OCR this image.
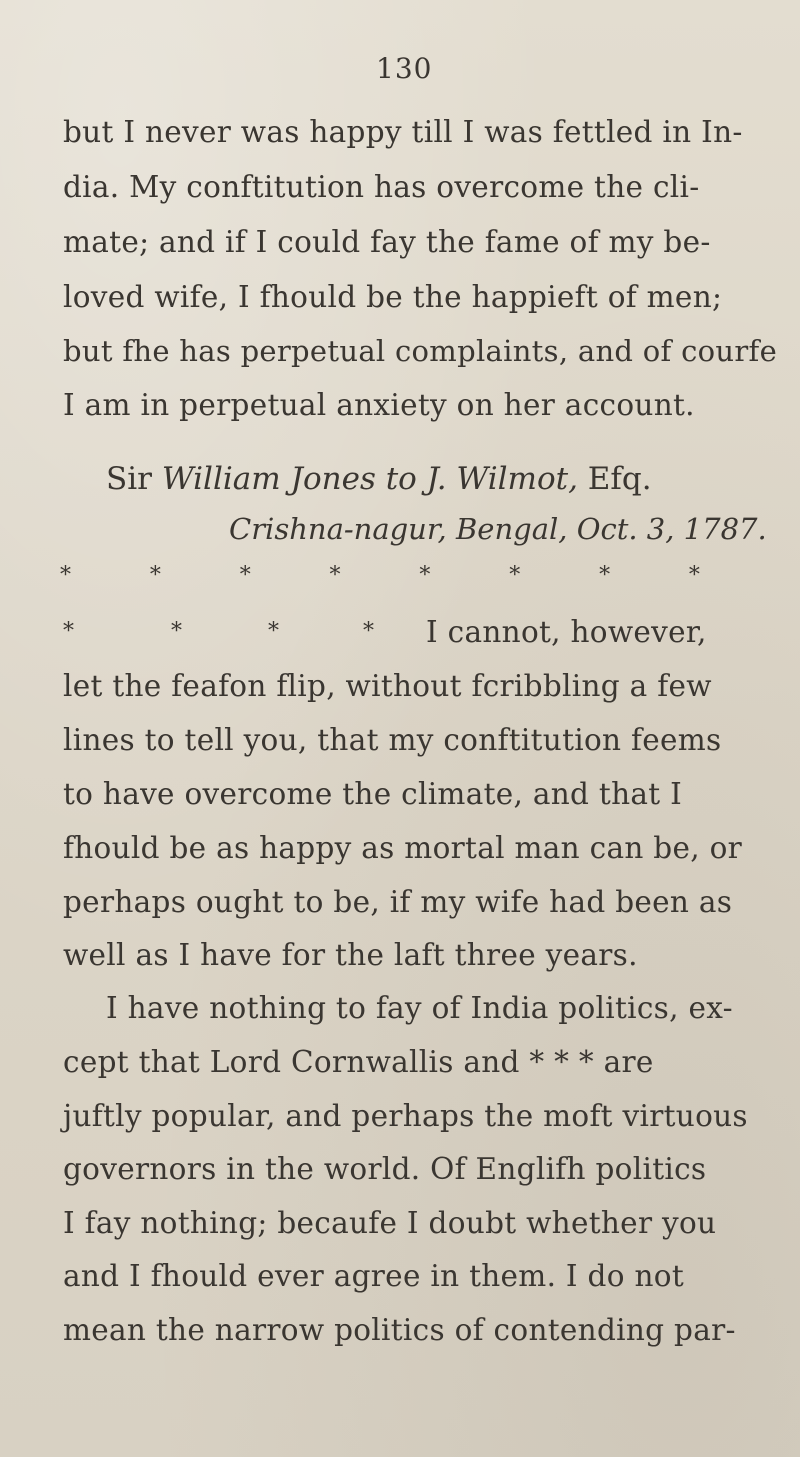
130
but I never was happy till I was fettled in In-
dia. My conftitution has overcome the cli-
mate; and if I could fay the fame of my be-
loved wife, I fhould be the happieft of men;
but fhe has perpetual complaints, and of courfe
I am in perpetual anxiety on her account.
Sir William Jones to J. Wilmot, Efq.
Crishna-nagur, Bengal, Oct. 3, 1787.
*	*	*	*	*	*	*	*
*	*	*	* I cannot, however,
let the feafon flip, without fcribbling a few
lines to tell you, that my conftitution feems
to have overcome the climate, and that I
fhould be as happy as mortal man can be, or
perhaps ought to be, if my wife had been as
well as I have for the laft three years.
I have nothing to fay of India politics, ex-
cept that Lord Cornwallis and * * * are
juftly popular, and perhaps the moft virtuous
governors in the world. Of Englifh politics
I fay nothing; becaufe I doubt whether you
and I fhould ever agree in them. I do not
mean the narrow politics of contending par-
